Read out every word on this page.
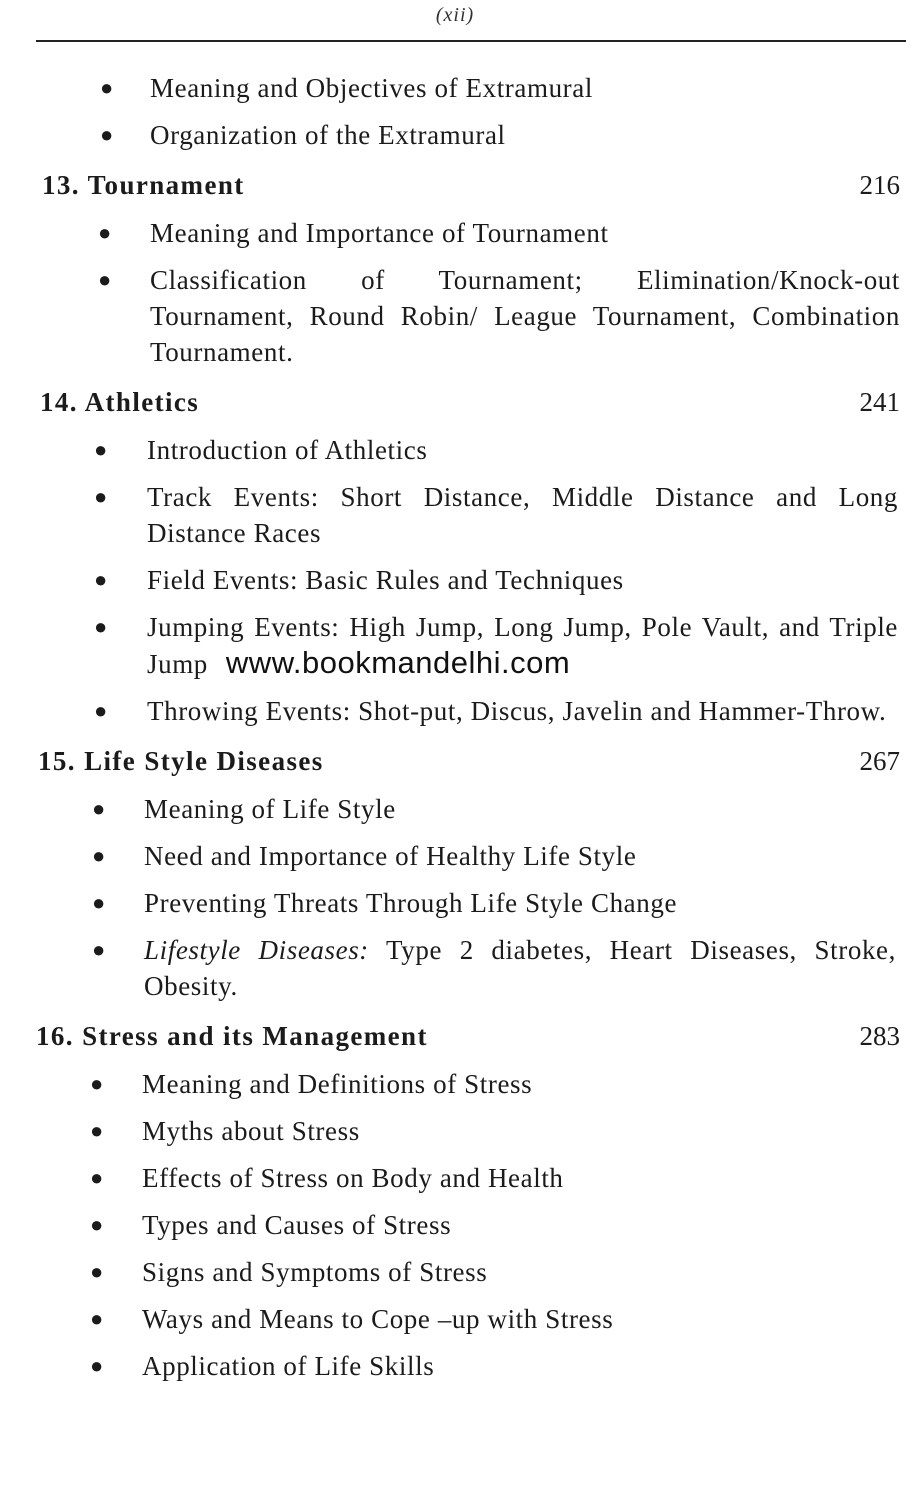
(xii)
● Meaning and Objectives of Extramural
● Organization of the Extramural
13. Tournament	216
● Meaning and Importance of Tournament
● Classification of Tournament; Elimination/Knock-out Tournament, Round Robin/ League Tournament, Combination Tournament.
14. Athletics	241
● Introduction of Athletics
● Track Events: Short Distance, Middle Distance and Long Distance Races
● Field Events: Basic Rules and Techniques
● Jumping Events: High Jump, Long Jump, Pole Vault, and Triple Jump www.bookmandelhi.com
● Throwing Events: Shot-put, Discus, Javelin and Hammer-Throw.
15. Life Style Diseases	267
● Meaning of Life Style
● Need and Importance of Healthy Life Style
● Preventing Threats Through Life Style Change
● Lifestyle Diseases: Type 2 diabetes, Heart Diseases, Stroke, Obesity.
16. Stress and its Management	283
● Meaning and Definitions of Stress
● Myths about Stress
● Effects of Stress on Body and Health
● Types and Causes of Stress
● Signs and Symptoms of Stress
● Ways and Means to Cope –up with Stress
● Application of Life Skills
